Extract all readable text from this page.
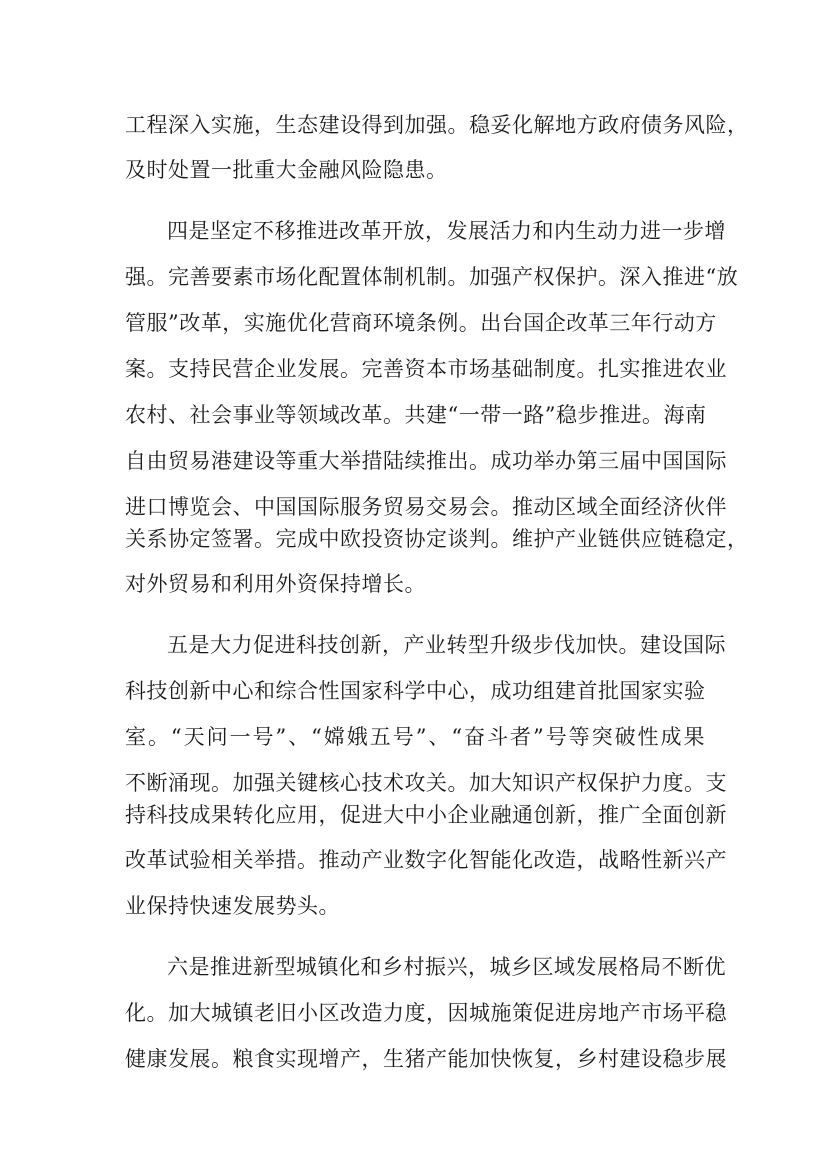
工程深入实施，生态建设得到加强。稳妥化解地方政府债务风险，
及时处置一批重大金融风险隐患。
四是坚定不移推进改革开放，发展活力和内生动力进一步增
强。完善要素市场化配置体制机制。加强产权保护。深入推进“放
管服”改革，实施优化营商环境条例。出台国企改革三年行动方
案。支持民营企业发展。完善资本市场基础制度。扎实推进农业
农村、社会事业等领域改革。共建“一带一路”稳步推进。海南
自由贸易港建设等重大举措陆续推出。成功举办第三届中国国际
进口博览会、中国国际服务贸易交易会。推动区域全面经济伙伴
关系协定签署。完成中欧投资协定谈判。维护产业链供应链稳定，
对外贸易和利用外资保持增长。
五是大力促进科技创新，产业转型升级步伐加快。建设国际
科技创新中心和综合性国家科学中心，成功组建首批国家实验
室。“天问一号”、“嫦娥五号”、“奋斗者”号等突破性成果
不断涌现。加强关键核心技术攻关。加大知识产权保护力度。支
持科技成果转化应用，促进大中小企业融通创新，推广全面创新
改革试验相关举措。推动产业数字化智能化改造，战略性新兴产
业保持快速发展势头。
六是推进新型城镇化和乡村振兴，城乡区域发展格局不断优
化。加大城镇老旧小区改造力度，因城施策促进房地产市场平稳
健康发展。粮食实现增产，生猪产能加快恢复，乡村建设稳步展
